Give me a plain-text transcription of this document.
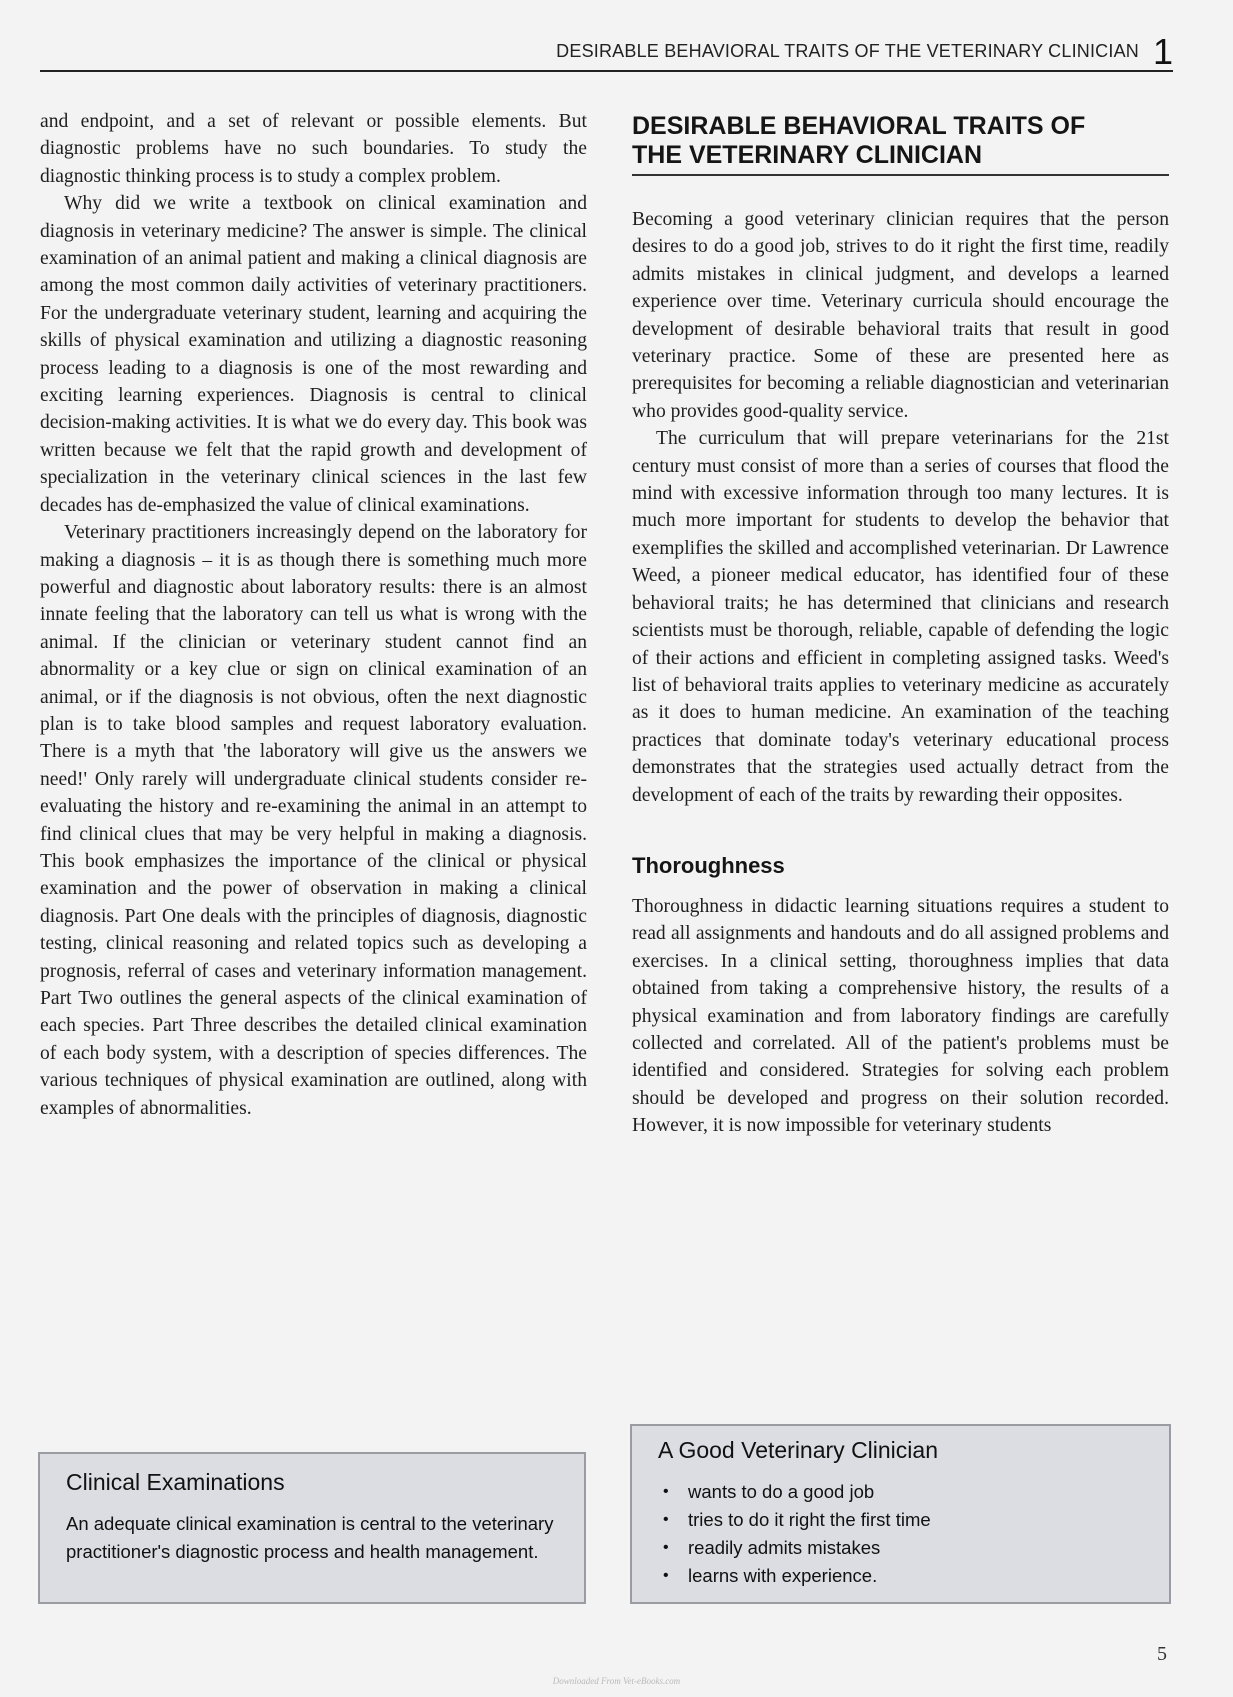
DESIRABLE BEHAVIORAL TRAITS OF THE VETERINARY CLINICIAN 1

and endpoint, and a set of relevant or possible elements. But diagnostic problems have no such boundaries. To study the diagnostic thinking process is to study a complex problem.

Why did we write a textbook on clinical examination and diagnosis in veterinary medicine? The answer is simple. The clinical examination of an animal patient and making a clinical diagnosis are among the most common daily activities of veterinary practitioners. For the undergraduate veterinary student, learning and acquiring the skills of physical examination and utilizing a diagnostic reasoning process leading to a diagnosis is one of the most rewarding and exciting learning experiences. Diagnosis is central to clinical decision-making activities. It is what we do every day. This book was written because we felt that the rapid growth and development of specialization in the veterinary clinical sciences in the last few decades has de-emphasized the value of clinical examinations.

Veterinary practitioners increasingly depend on the laboratory for making a diagnosis – it is as though there is something much more powerful and diagnostic about laboratory results: there is an almost innate feeling that the laboratory can tell us what is wrong with the animal. If the clinician or veterinary student cannot find an abnormality or a key clue or sign on clinical examination of an animal, or if the diagnosis is not obvious, often the next diagnostic plan is to take blood samples and request laboratory evaluation. There is a myth that 'the laboratory will give us the answers we need!' Only rarely will undergraduate clinical students consider re-evaluating the history and re-examining the animal in an attempt to find clinical clues that may be very helpful in making a diagnosis. This book emphasizes the importance of the clinical or physical examination and the power of observation in making a clinical diagnosis. Part One deals with the principles of diagnosis, diagnostic testing, clinical reasoning and related topics such as developing a prognosis, referral of cases and veterinary information management. Part Two outlines the general aspects of the clinical examination of each species. Part Three describes the detailed clinical examination of each body system, with a description of species differences. The various techniques of physical examination are outlined, along with examples of abnormalities.

DESIRABLE BEHAVIORAL TRAITS OF
THE VETERINARY CLINICIAN

Becoming a good veterinary clinician requires that the person desires to do a good job, strives to do it right the first time, readily admits mistakes in clinical judgment, and develops a learned experience over time. Veterinary curricula should encourage the development of desirable behavioral traits that result in good veterinary practice. Some of these are presented here as prerequisites for becoming a reliable diagnostician and veterinarian who provides good-quality service.

The curriculum that will prepare veterinarians for the 21st century must consist of more than a series of courses that flood the mind with excessive information through too many lectures. It is much more important for students to develop the behavior that exemplifies the skilled and accomplished veterinarian. Dr Lawrence Weed, a pioneer medical educator, has identified four of these behavioral traits; he has determined that clinicians and research scientists must be thorough, reliable, capable of defending the logic of their actions and efficient in completing assigned tasks. Weed's list of behavioral traits applies to veterinary medicine as accurately as it does to human medicine. An examination of the teaching practices that dominate today's veterinary educational process demonstrates that the strategies used actually detract from the development of each of the traits by rewarding their opposites.

Thoroughness

Thoroughness in didactic learning situations requires a student to read all assignments and handouts and do all assigned problems and exercises. In a clinical setting, thoroughness implies that data obtained from taking a comprehensive history, the results of a physical examination and from laboratory findings are carefully collected and correlated. All of the patient's problems must be identified and considered. Strategies for solving each problem should be developed and progress on their solution recorded. However, it is now impossible for veterinary students

Clinical Examinations

An adequate clinical examination is central to the veterinary practitioner's diagnostic process and health management.

A Good Veterinary Clinician
• wants to do a good job
• tries to do it right the first time
• readily admits mistakes
• learns with experience.
5
Downloaded From Vet-eBooks.com
